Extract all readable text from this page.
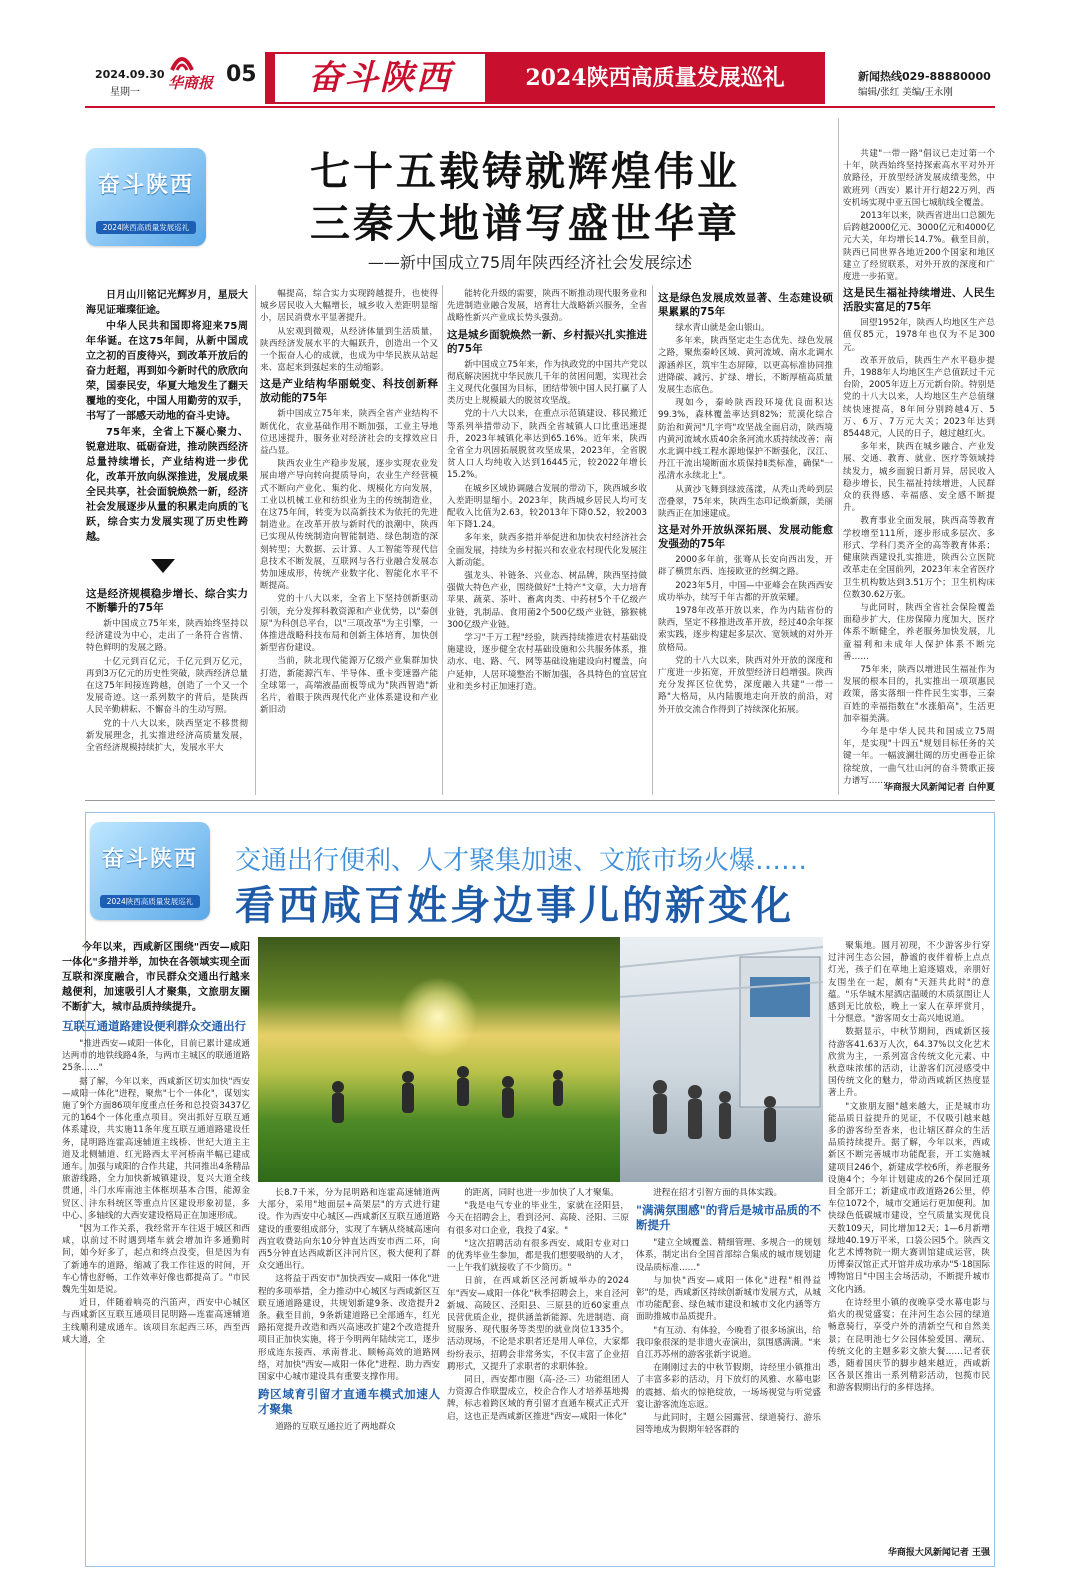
2024.09.30
星期一
华商报 05	奋斗陕西	2024陕西高质量发展巡礼	新闻热线029-88880000
编辑/张红 美编/王永刚
奋斗陕西
2024陕西高质量发展巡礼
七十五载铸就辉煌伟业
三秦大地谱写盛世华章
——新中国成立75周年陕西经济社会发展综述

日月山川铭记光辉岁月，星辰大海见证璀璨征途。

中华人民共和国即将迎来75周年华诞。在这75年间，从新中国成立之初的百废待兴，到改革开放后的奋力赶超，再到如今新时代的欣欣向荣，国泰民安，华夏大地发生了翻天覆地的变化，中国人用勤劳的双手，书写了一部感天动地的奋斗史诗。

75年来，全省上下凝心聚力、锐意进取、砥砺奋进，推动陕西经济总量持续增长，产业结构进一步优化，改革开放向纵深推进，发展成果全民共享，社会面貌焕然一新，经济社会发展逐步从量的积累走向质的飞跃，综合实力发展实现了历史性跨越。

这是经济规模稳步增长、综合实力不断攀升的75年

新中国成立75年来，陕西始终坚持以经济建设为中心，走出了一条符合省情、特色鲜明的发展之路。

十亿元到百亿元，千亿元到万亿元，再到3万亿元的历史性突破，陕西经济总量在这75年间接连跨越，创造了一个又一个发展奇迹。这一系列数字的背后，是陕西人民辛勤耕耘、不懈奋斗的生动写照。

党的十八大以来，陕西坚定不移贯彻新发展理念，扎实推进经济高质量发展，全省经济规模持续扩大，发展水平大

幅提高，综合实力实现跨越提升，也使得城乡居民收入大幅增长，城乡收入差距明显缩小，居民消费水平显著提升。

从宏观到微观，从经济体量到生活质量，陕西经济发展水平的大幅跃升，创造出一个又一个振奋人心的成就，也成为中华民族从站起来、富起来到强起来的生动缩影。

这是产业结构华丽蜕变、科技创新释放动能的75年

新中国成立75年来，陕西全省产业结构不断优化，农业基础作用不断加强，工业主导地位迅速提升，服务业对经济社会的支撑效应日益凸显。

陕西农业生产稳步发展，逐步实现农业发展由增产导向转向提质导向，农业生产经营模式不断向产业化、集约化、规模化方向发展，工业以机械工业和纺织业为主的传统制造业，在这75年间，转变为以高新技术为依托的先进制造业。在改革开放与新时代的浪潮中，陕西已实现从传统制造向智能制造、绿色制造的深刻转型；大数据、云计算、人工智能等现代信息技术不断发展，互联网与各行业融合发展态势加速成形，传统产业数字化、智能化水平不断提高。

党的十八大以来，全省上下坚持创新驱动引领，充分发挥科教资源和产业优势，以"秦创原"为科创总平台，以"三项改革"为主引擎，一体推进战略科技布局和创新主体培育，加快创新型省份建设。

当前，陕北现代能源万亿级产业集群加快打造，新能源汽车、半导体、重卡变速器产能全球第一，高端液晶面板等成为"陕西智造"新名片，着眼于陕西现代化产业体系建设和产业新旧动

能转化升级的需要，陕西不断推动现代服务业和先进制造业融合发展，培育壮大战略新兴服务，全省战略性新兴产业成长势头强劲。

这是城乡面貌焕然一新、乡村振兴扎实推进的75年

新中国成立75年来，作为执政党的中国共产党以彻底解决困扰中华民族几千年的贫困问题，实现社会主义现代化强国为目标，团结带领中国人民打赢了人类历史上规模最大的脱贫攻坚战。

党的十八大以来，在重点示范镇建设、移民搬迁等系列举措带动下，陕西全省城镇人口比重迅速提升，2023年城镇化率达到65.16%。近年来，陕西全省全力巩固拓展脱贫攻坚成果，2023年，全省脱贫人口人均纯收入达到16445元，较2022年增长15.2%。

在城乡区域协调融合发展的带动下，陕西城乡收入差距明显缩小。2023年，陕西城乡居民人均可支配收入比值为2.63，较2013年下降0.52，较2003年下降1.24。

多年来，陕西多措并举促进和加快农村经济社会全面发展，持续为乡村振兴和农业农村现代化发展注入新动能。

强龙头、补链条、兴业态、树品牌，陕西坚持做强做大特色产业，围绕做好"土特产"文章，大力培育苹果、蔬菜、茶叶、畜禽肉类、中药材5个千亿级产业链，乳制品、食用菌2个500亿级产业链，猕猴桃300亿级产业链。

学习"千万工程"经验，陕西持续推进农村基础设施建设，逐步健全农村基础设施和公共服务体系，推动水、电、路、气、网等基础设施建设向村覆盖，向户延伸，人居环境整治不断加强，各具特色的宜居宜业和美乡村正加速打造。

这是绿色发展成效显著、生态建设硕果累累的75年

绿水青山就是金山银山。

多年来，陕西坚定走生态优先、绿色发展之路，聚焦秦岭区域、黄河流域、南水北调水源涵养区，筑牢生态屏障，以更高标准协同推进降碳、减污、扩绿、增长，不断厚植高质量发展生态底色。

现如今，秦岭陕西段环境优良面积达99.3%，森林覆盖率达到82%；荒漠化综合防治和黄河"几字弯"攻坚战全面启动，陕西境内黄河流域水质40余条河流水质持续改善；南水北调中线工程水源地保护不断强化，汉江、丹江干流出境断面水质保持Ⅱ类标准，确保"一泓清水永续北上"。

从黄沙飞舞到绿波荡漾，从秃山秃岭到层峦叠翠，75年来，陕西生态印记焕新颜，美丽陕西正在加速建成。

这是对外开放纵深拓展、发展动能愈发强劲的75年

2000多年前，张骞从长安向西出发，开辟了横贯东西、连接欧亚的丝绸之路。

2023年5月，中国—中亚峰会在陕西西安成功举办，续写千年古都的开放荣耀。

1978年改革开放以来，作为内陆省份的陕西，坚定不移推进改革开放，经过40余年探索实践，逐步构建起多层次、宽领域的对外开放格局。

党的十八大以来，陕西对外开放的深度和广度进一步拓宽，开放型经济日趋增强。陕西充分发挥区位优势，深度融入共建"一带一路"大格局，从内陆腹地走向开放的前沿，对外开放交流合作得到了持续深化拓展。

共建"一带一路"倡议已走过第一个十年，陕西始终坚持探索高水平对外开放路径，开放型经济发展成绩斐然，中欧班列（西安）累计开行超22万列，西安机场实现中亚五国七城航线全覆盖。

2013年以来，陕西省进出口总额先后跨越2000亿元、3000亿元和4000亿元大关，年均增长14.7%。截至目前，陕西已同世界各地近200个国家和地区建立了经贸联系，对外开放的深度和广度进一步拓宽。

这是民生福祉持续增进、人民生活股实富足的75年

回望1952年，陕西人均地区生产总值仅85元，1978年也仅为不足300元。

改革开放后，陕西生产水平稳步提升，1988年人均地区生产总值跃过千元台阶，2005年迈上万元新台阶。特别是党的十八大以来，人均地区生产总值继续快速提高，8年间分别跨越4万、5万、6万、7万元大关；2023年达到85448元，人民的日子，越过越红火。

多年来，陕西在城乡融合、产业发展、交通、教育、就业、医疗等领域持续发力，城乡面貌日新月异，居民收入稳步增长，民生福祉持续增进，人民群众的获得感、幸福感、安全感不断提升。

教育事业全面发展，陕西高等教育学校增至111所，逐步形成多层次、多形式、学科门类齐全的高等教育体系；健康陕西建设扎实推进，陕西公立医院改革走在全国前列，2023年末全省医疗卫生机构数达到3.51万个；卫生机构床位数30.62万张。

与此同时，陕西全省社会保险覆盖面稳步扩大，住房保障力度加大，医疗体系不断健全，养老服务加快发展，儿童福利和未成年人保护体系不断完善……

75年来，陕西以增进民生福祉作为发展的根本目的，扎实推出一项项惠民政策，落实落细一件件民生实事，三秦百姓的幸福指数在"水涨船高"，生活更加幸福美满。

今年是中华人民共和国成立75周年，是实现"十四五"规划目标任务的关键一年。一幅波澜壮阔的历史画卷正徐徐绽放，一曲气壮山河的奋斗赞歌正接力谱写……

华商报大风新闻记者 白仲夏
奋斗陕西
2024陕西高质量发展巡礼
交通出行便利、人才聚集加速、文旅市场火爆……
看西咸百姓身边事儿的新变化

今年以来，西咸新区围绕"西安—咸阳一体化"多措并举，加快在各领域实现全面互联和深度融合，市民群众交通出行越来越便利，加速吸引人才聚集，文旅朋友圈不断扩大，城市品质持续提升。

互联互通道路建设便利群众交通出行

"推进西安—咸阳一体化，目前已累计建成通达两市的地铁线路4条，与两市主城区的联通道路25条……"

据了解，今年以来，西咸新区切实加快"西安—咸阳一体化"进程，聚焦"七个一体化"，谋划实施了9个方面86项年度重点任务和总投资3437亿元的164个一体化重点项目。突出抓好互联互通体系建设，共实施11条年度互联互通道路建设任务，昆明路连霍高速辅道主线桥、世纪大道主主道及北侧辅道、红光路西太平河桥南半幅已建成通车。加强与咸阳的合作共建，共同推出4条精品旅游线路，全力加快新城镇建设，复兴大道全线贯通，斗门水库南池主体框坝基本合围，能源金贸区、沣东科统区等重点片区建设形象初显，多中心、多轴线的大西安建设格局正在加速形成。

"因为工作关系，我经常开车往返于城区和西咸，以前过不时遇到堵车就会增加许多通勤时间，如今好多了，起点和终点没变，但是因为有了新通车的道路，缩减了我工作往返的时间，开车心情也舒畅，工作效率好像也都提高了。"市民魏先生如是说。

近日，伴随着响亮的汽笛声，西安中心城区与西咸新区互联互通项目昆明路—连霍高速辅道主线顺利建成通车。该项目东起西三环，西至西咸大道，全

长8.7千米，分为昆明路和连霍高速辅道两大部分，采用"地面层+高架层"的方式进行建设。作为西安中心城区—西咸新区互联互通道路建设的重要组成部分，实现了车辆从绕城高速向西宜收费站向东10分钟直达西安市西二环，向西5分钟直达西咸新区沣河片区，极大便利了群众交通出行。

这将益于西安市"加快西安—咸阳一体化"进程的多项举措，全力推动中心城区与西咸新区互联互通道路建设，共规划新建9条、改造提升2条。截至目前，9条新建道路已全部通车，红光路拓宽提升改造和西兴高速改扩建2个改造提升项目正加快实施，将于今明两年陆续完工，逐步形成连东接西、承南普北、顺畅高效的道路网络，对加快"西安—咸阳一体化"进程、助力西安国家中心城市建设具有重要支撑作用。

跨区域育引留才直通车模式加速人才聚集

道路的互联互通拉近了两地群众

的距离，同时也进一步加快了人才聚集。

"我是电气专业的毕业生，家就在泾阳县，今天在招聘会上，看到泾河、高陵、泾阳、三原有很多对口企业，我投了4家。"

"这次招聘活动有很多西安、咸阳专业对口的优秀毕业生参加，都是我们想要吸纳的人才，一上午我们就接收了不少简历。"

日前，在西咸新区泾河新城举办的2024年"西安—咸阳一体化"秋季招聘会上，来自泾河新城、高陵区、泾阳县、三原县的近60家重点民营优质企业，提供涵盖新能源、先进制造、商贸服务、现代服务等类型的就业岗位1335个。活动现场，不论是求职者还是用人单位，大家都纷纷表示，招聘会非常务实，不仅丰富了企业招聘形式，又提升了求职者的求职体验。

同日，西安都市圈（高-泾-三）功能组团人力资源合作联盟成立，校企合作人才培养基地揭牌，标志着跨区域的育引留才直通车模式正式开启，这也正是西咸新区推进"西安—咸阳一体化"

进程在招才引智方面的具体实践。

"满满氛围感"的背后是城市品质的不断提升

"建立全域覆盖、精细管理、多规合一的规划体系，制定出台全国首部综合集成的城市规划建设品质标准……"

与加快"西安—咸阳一体化"进程"相得益彰"的是，西咸新区持续创新城市发展方式，从城市功能配套、绿色城市建设和城市文化内涵等方面助推城市品质提升。

"有互动、有体验，今晚看了很多场演出，给我印象很深的是非遗火壶演出，氛围感满满。"来自江苏苏州的游客张新宇说道。

在刚刚过去的中秋节假期，诗经里小镇推出了丰富多彩的活动，月下放灯的风雅、水幕电影的震撼、焰火的惊艳绽放，一场场视觉与听觉盛宴让游客流连忘返。

与此同时，主题公园露营、绿道骑行、游乐园等地成为假期年轻客群的

聚集地。圆月初现，不少游客步行穿过沣河生态公园，静谧的夜伴着桥上点点灯光，孩子们在草地上追逐嬉戏，亲朋好友围坐在一起，颇有"天涯共此时"的意蕴。"乐华城木屋酒店温暖的木质氛围让人感到无比放松，晚上一家人在草坪赏月，十分惬意。"游客周女士高兴地说道。

数据显示，中秋节期间，西咸新区接待游客41.63万人次，64.37%以文化艺术欣赏为主，一系列富含传统文化元素、中秋意味浓郁的活动，让游客们沉浸感受中国传统文化的魅力，带动西咸新区热度显著上升。

"文旅朋友圈"越来越大，正是城市功能品质日益提升的见证，不仅吸引越来越多的游客纷至沓来，也让辖区群众的生活品质持续提升。据了解，今年以来，西咸新区不断完善城市功能配套，开工实施城建项目246个，新建成学校6所，养老服务设施4个；今年计划建成的26个保回迁项目全部开工；新建成市政道路26公里，停车位1072个，城市交通运行更加便利。加快绿色低碳城市建设，空气质量实现优良天数109天，同比增加12天；1—6月新增绿地40.19万平米，口袋公园5个。陕西文化艺术博物院一期大赛训馆建成运营，陕历博秦汉馆正式开馆并成功承办"5·18国际博物馆日"中国主会场活动，不断提升城市文化内涵。

在诗经里小镇的夜晚享受水幕电影与焰火的视觉盛宴；在沣河生态公园的绿道畅意骑行，享受户外的清新空气和自然美景；在昆明池七夕公园体验爱国、潮玩、传统文化的主题多彩文旅大餐……记者获悉，随着国庆节的脚步越来越近，西咸新区各景区推出一系列精彩活动，包揽市民和游客假期出行的多样选择。

华商报大风新闻记者 王强
